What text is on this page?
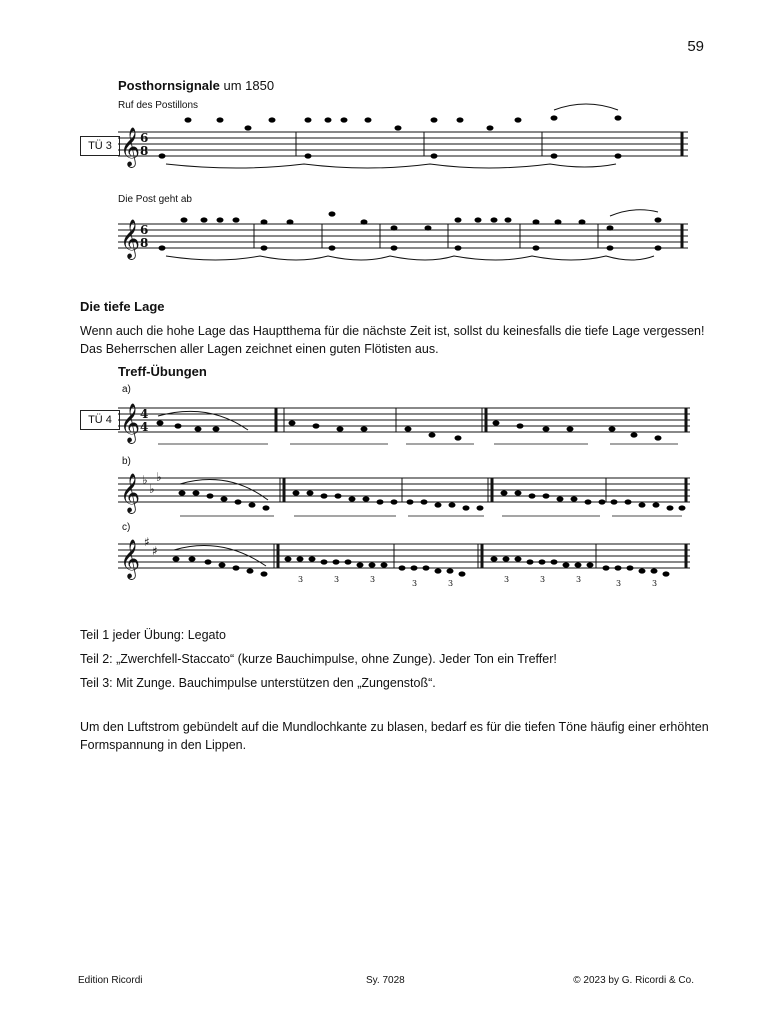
59
Posthornsignale um 1850
Ruf des Postillons
TÜ 3 𝄞 6
8
Die Post geht ab
𝄞 6
8
Die tiefe Lage
Wenn auch die hohe Lage das Hauptthema für die nächste Zeit ist, sollst du keinesfalls die tiefe Lage vergessen! Das Beherrschen aller Lagen zeichnet einen guten Flötisten aus.
Treff-Übungen
a)
TÜ 4 𝄞 4
4
b)
𝄞 ♭
♭
♭
c)
𝄞 ♯
♯
3	3	3	3	3	3	3	3	3	3
Teil 1 jeder Übung: Legato
Teil 2: „Zwerchfell-Staccato“ (kurze Bauchimpulse, ohne Zunge). Jeder Ton ein Treffer!
Teil 3: Mit Zunge. Bauchimpulse unterstützen den „Zungenstoß“.
Um den Luftstrom gebündelt auf die Mundlochkante zu blasen, bedarf es für die tiefen Töne häufig einer erhöhten Formspannung in den Lippen.
Edition Ricordi	Sy. 7028	© 2023 by G. Ricordi & Co.
